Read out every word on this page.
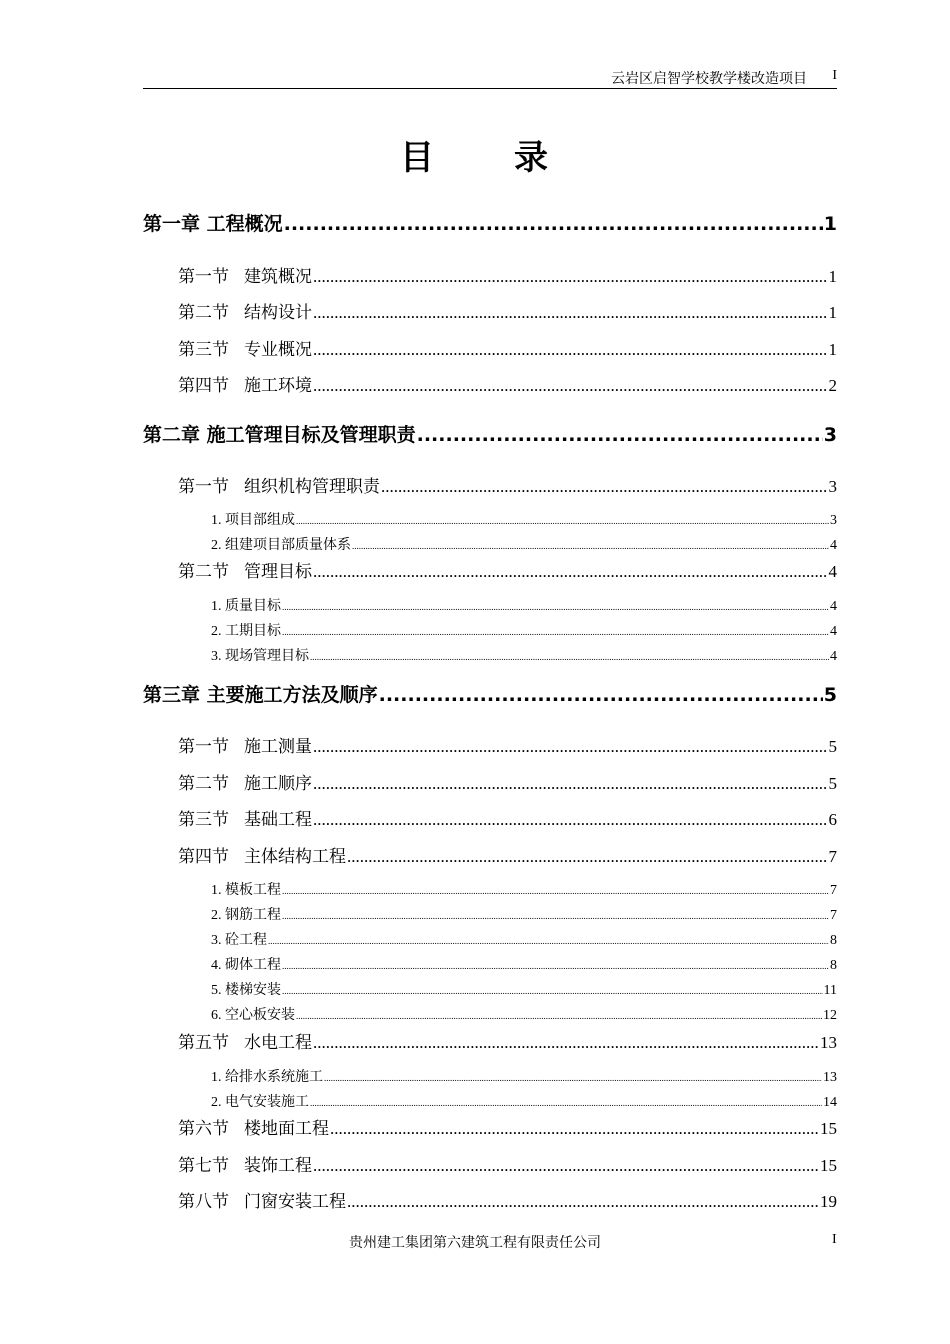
云岩区启智学校教学楼改造项目 I
目 录
第一章 工程概况 .....	1
第一节 建筑概况 .....	1
第二节 结构设计 .....	1
第三节 专业概况 .....	1
第四节 施工环境 .....	2
第二章 施工管理目标及管理职责 .....	3
第一节 组织机构管理职责 .....	3
1. 项目部组成 .....	3
2. 组建项目部质量体系 .....	4
第二节 管理目标 .....	4
1. 质量目标 .....	4
2. 工期目标 .....	4
3. 现场管理目标 .....	4
第三章 主要施工方法及顺序 .....	5
第一节 施工测量 .....	5
第二节 施工顺序 .....	5
第三节 基础工程 .....	6
第四节 主体结构工程 .....	7
1. 模板工程 .....	7
2. 钢筋工程 .....	7
3. 砼工程 .....	8
4. 砌体工程 .....	8
5. 楼梯安装 .....	11
6. 空心板安装 .....	12
第五节 水电工程 .....	13
1. 给排水系统施工 .....	13
2. 电气安装施工 .....	14
第六节 楼地面工程 .....	15
第七节 装饰工程 .....	15
第八节 门窗安装工程 .....	19
贵州建工集团第六建筑工程有限责任公司	I
